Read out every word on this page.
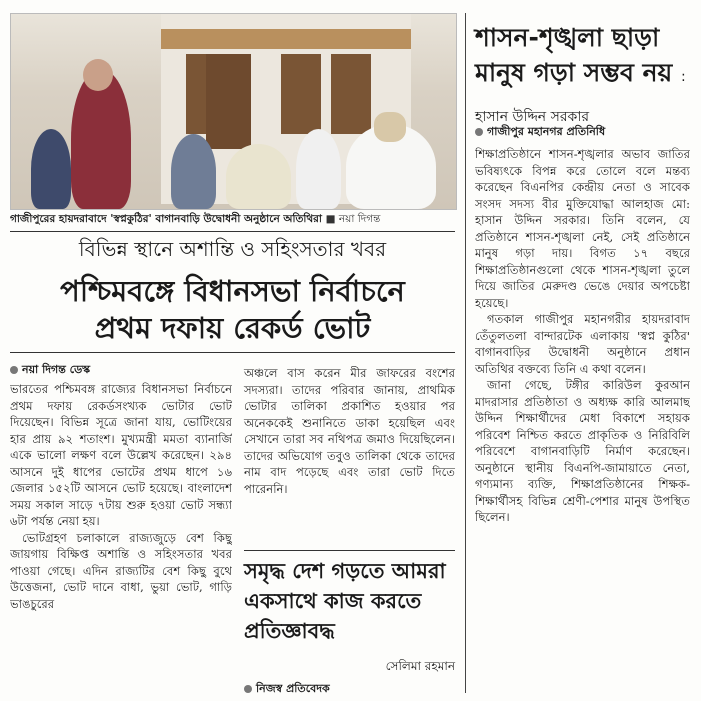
গাজীপুরের হায়দরাবাদে 'স্বপ্নকুঠির' বাগানবাড়ি উদ্বোধনী অনুষ্ঠানে অতিথিরা ■ নয়া দিগন্ত
বিভিন্ন স্থানে অশান্তি ও সহিংসতার খবর
পশ্চিমবঙ্গে বিধানসভা নির্বাচনে
প্রথম দফায় রেকর্ড ভোট
নয়া দিগন্ত ডেস্ক

ভারতের পশ্চিমবঙ্গ রাজ্যের বিধানসভা নির্বাচনে প্রথম দফায় রেকর্ডসংখ্যক ভোটার ভোট দিয়েছেন। বিভিন্ন সূত্রে জানা যায়, ভোটিংয়ের হার প্রায় ৯২ শতাংশ। মুখ্যমন্ত্রী মমতা ব্যানার্জি একে ভালো লক্ষণ বলে উল্লেখ করেছেন। ২৯৪ আসনে দুই ধাপের ভোটের প্রথম ধাপে ১৬ জেলার ১৫২টি আসনে ভোট হয়েছে। বাংলাদেশ সময় সকাল সাড়ে ৭টায় শুরু হওয়া ভোট সন্ধ্যা ৬টা পর্যন্ত নেয়া হয়।

ভোটগ্রহণ চলাকালে রাজ্যজুড়ে বেশ কিছু জায়গায় বিক্ষিপ্ত অশান্তি ও সহিংসতার খবর পাওয়া গেছে। এদিন রাজ্যটির বেশ কিছু বুথে উত্তেজনা, ভোট দানে বাধা, ভুয়া ভোট, গাড়ি ভাঙচুরের

অঞ্চলে বাস করেন মীর জাফরের বংশের সদস্যরা। তাদের পরিবার জানায়, প্রাথমিক ভোটার তালিকা প্রকাশিত হওয়ার পর অনেককেই শুনানিতে ডাকা হয়েছিল এবং সেখানে তারা সব নথিপত্র জমাও দিয়েছিলেন। তাদের অভিযোগ তবুও তালিকা থেকে তাদের নাম বাদ পড়েছে এবং তারা ভোট দিতে পারেননি।

সমৃদ্ধ দেশ গড়তে আমরা একসাথে কাজ করতে প্রতিজ্ঞাবদ্ধ
সেলিমা রহমান
নিজস্ব প্রতিবেদক
শাসন-শৃঙ্খলা ছাড়া মানুষ গড়া সম্ভব নয় : হাসান উদ্দিন সরকার
গাজীপুর মহানগর প্রতিনিধি

শিক্ষাপ্রতিষ্ঠানে শাসন-শৃঙ্খলার অভাব জাতির ভবিষ্যৎকে বিপন্ন করে তোলে বলে মন্তব্য করেছেন বিএনপির কেন্দ্রীয় নেতা ও সাবেক সংসদ সদস্য বীর মুক্তিযোদ্ধা আলহাজ মো: হাসান উদ্দিন সরকার। তিনি বলেন, যে প্রতিষ্ঠানে শাসন-শৃঙ্খলা নেই, সেই প্রতিষ্ঠানে মানুষ গড়া দায়। বিগত ১৭ বছরে শিক্ষাপ্রতিষ্ঠানগুলো থেকে শাসন-শৃঙ্খলা তুলে দিয়ে জাতির মেরুদণ্ড ভেঙে দেয়ার অপচেষ্টা হয়েছে।

গতকাল গাজীপুর মহানগরীর হায়দরাবাদ তেঁতুলতলা বান্দারটেক এলাকায় 'স্বপ্ন কুঠির' বাগানবাড়ির উদ্বোধনী অনুষ্ঠানে প্রধান অতিথির বক্তব্যে তিনি এ কথা বলেন।

জানা গেছে, টঙ্গীর কারিউল কুরআন মাদরাসার প্রতিষ্ঠাতা ও অধ্যক্ষ কারি আলমাছ উদ্দিন শিক্ষার্থীদের মেধা বিকাশে সহায়ক পরিবেশ নিশ্চিত করতে প্রাকৃতিক ও নিরিবিলি পরিবেশে বাগানবাড়িটি নির্মাণ করেছেন। অনুষ্ঠানে স্থানীয় বিএনপি-জামায়াতে নেতা, গণ্যমান্য ব্যক্তি, শিক্ষাপ্রতিষ্ঠানের শিক্ষক-শিক্ষার্থীসহ বিভিন্ন শ্রেণী-পেশার মানুষ উপস্থিত ছিলেন।
